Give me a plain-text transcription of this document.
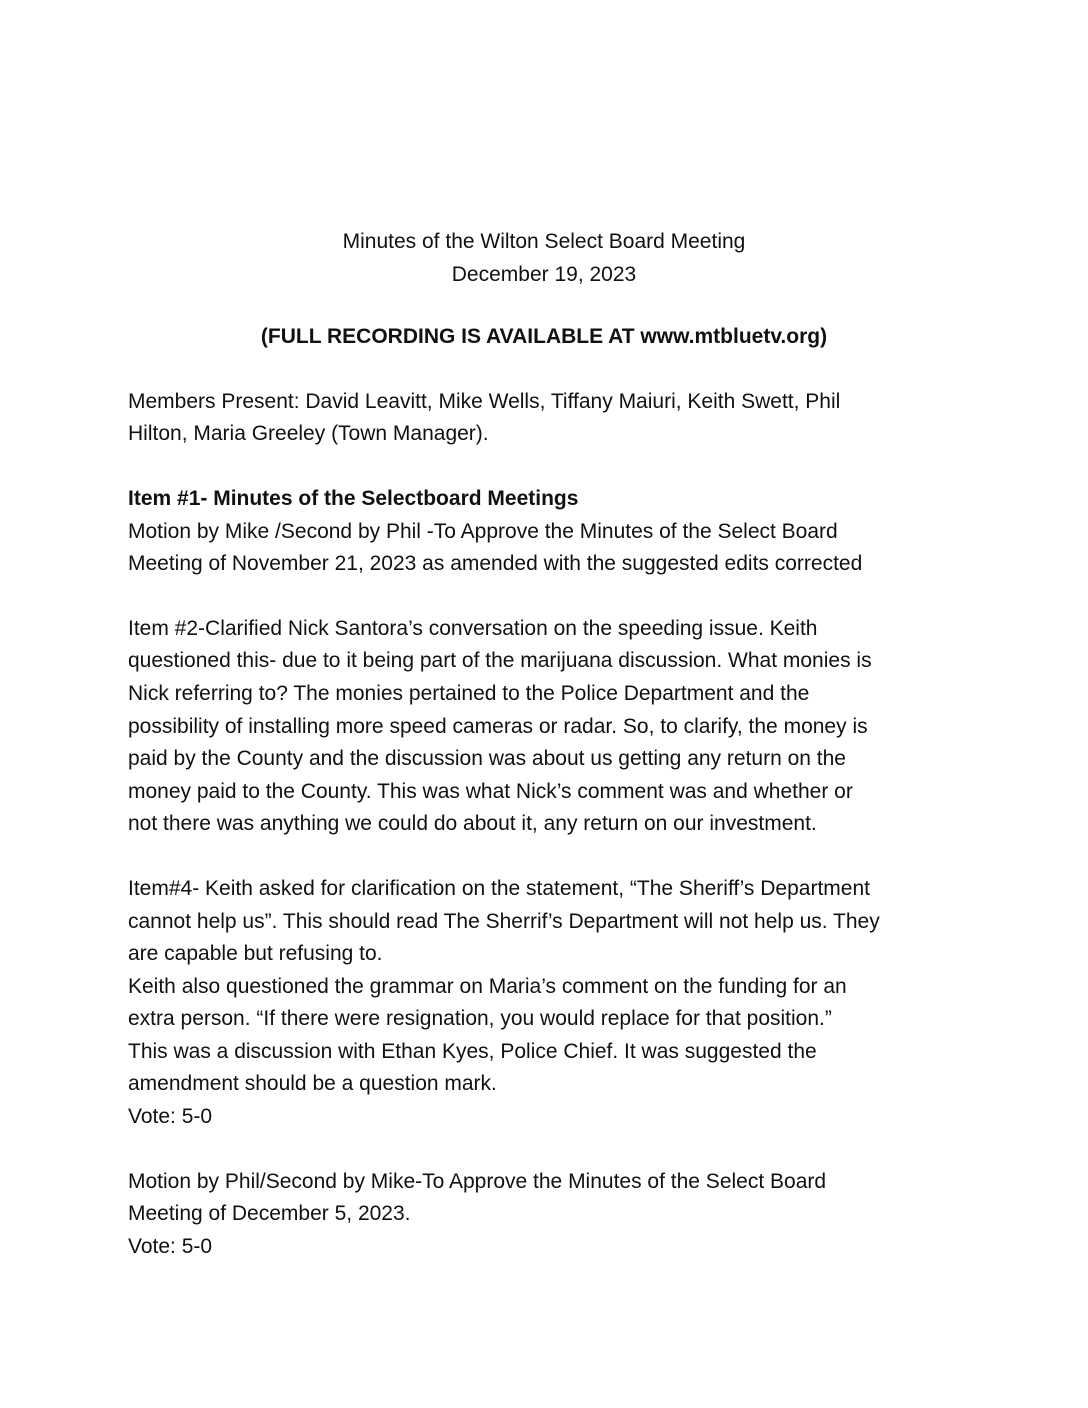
Minutes of the Wilton Select Board Meeting
December 19, 2023
(FULL RECORDING IS AVAILABLE AT www.mtbluetv.org)

Members Present: David Leavitt, Mike Wells, Tiffany Maiuri, Keith Swett, Phil
Hilton, Maria Greeley (Town Manager).

Item #1- Minutes of the Selectboard Meetings
Motion by Mike /Second by Phil -To Approve the Minutes of the Select Board
Meeting of November 21, 2023 as amended with the suggested edits corrected

Item #2-Clarified Nick Santora’s conversation on the speeding issue. Keith
questioned this- due to it being part of the marijuana discussion. What monies is
Nick referring to? The monies pertained to the Police Department and the
possibility of installing more speed cameras or radar. So, to clarify, the money is
paid by the County and the discussion was about us getting any return on the
money paid to the County. This was what Nick’s comment was and whether or
not there was anything we could do about it, any return on our investment.

Item#4- Keith asked for clarification on the statement, “The Sheriff’s Department
cannot help us”. This should read The Sherrif’s Department will not help us. They
are capable but refusing to.
Keith also questioned the grammar on Maria’s comment on the funding for an
extra person. “If there were resignation, you would replace for that position.”
This was a discussion with Ethan Kyes, Police Chief. It was suggested the
amendment should be a question mark.
Vote: 5-0

Motion by Phil/Second by Mike-To Approve the Minutes of the Select Board
Meeting of December 5, 2023.
Vote: 5-0
